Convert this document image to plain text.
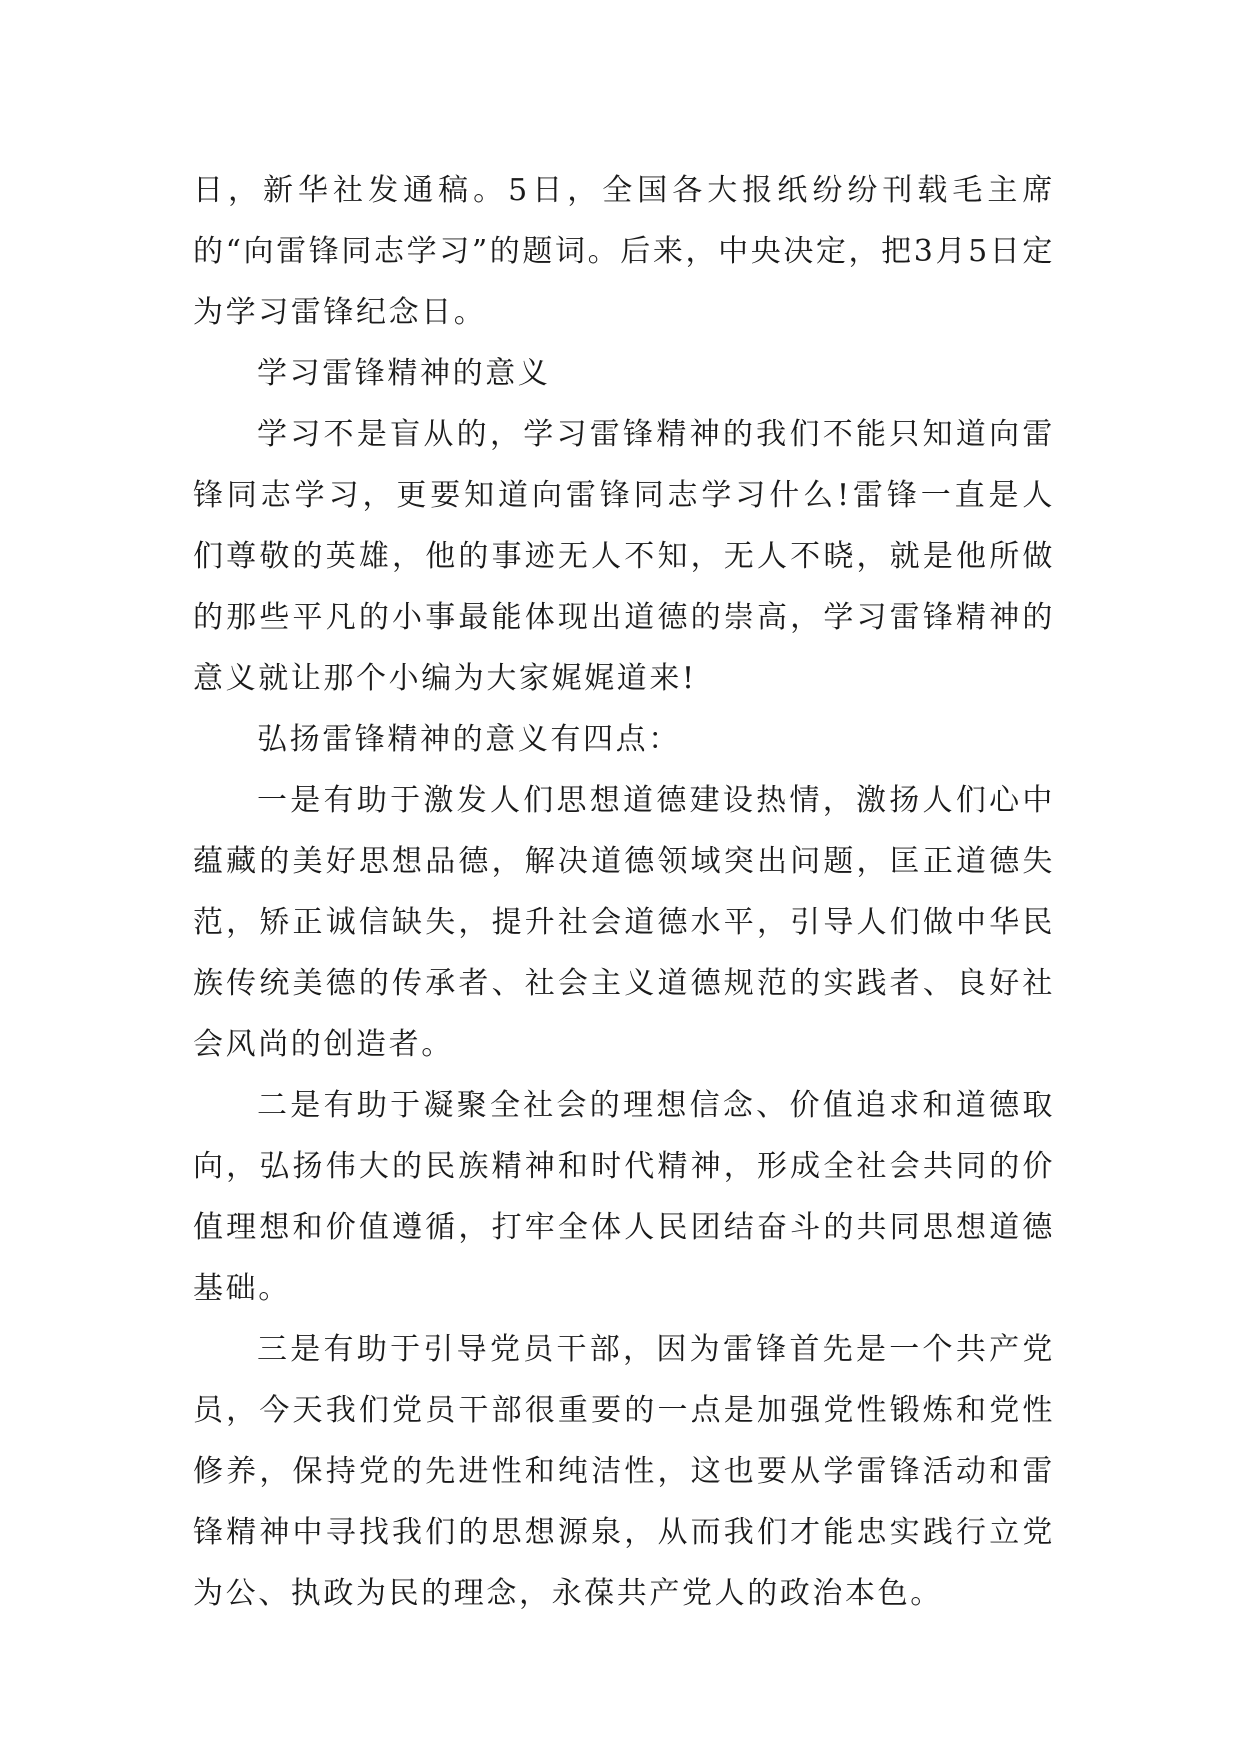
日，新华社发通稿。5日，全国各大报纸纷纷刊载毛主席的“向雷锋同志学习”的题词。后来，中央决定，把3月5日定为学习雷锋纪念日。

学习雷锋精神的意义

学习不是盲从的，学习雷锋精神的我们不能只知道向雷锋同志学习，更要知道向雷锋同志学习什么!雷锋一直是人们尊敬的英雄，他的事迹无人不知，无人不晓，就是他所做的那些平凡的小事最能体现出道德的崇高，学习雷锋精神的意义就让那个小编为大家娓娓道来!

弘扬雷锋精神的意义有四点：

一是有助于激发人们思想道德建设热情，激扬人们心中蕴藏的美好思想品德，解决道德领域突出问题，匡正道德失范，矫正诚信缺失，提升社会道德水平，引导人们做中华民族传统美德的传承者、社会主义道德规范的实践者、良好社会风尚的创造者。

二是有助于凝聚全社会的理想信念、价值追求和道德取向，弘扬伟大的民族精神和时代精神，形成全社会共同的价值理想和价值遵循，打牢全体人民团结奋斗的共同思想道德基础。

三是有助于引导党员干部，因为雷锋首先是一个共产党员，今天我们党员干部很重要的一点是加强党性锻炼和党性修养，保持党的先进性和纯洁性，这也要从学雷锋活动和雷锋精神中寻找我们的思想源泉，从而我们才能忠实践行立党为公、执政为民的理念，永葆共产党人的政治本色。
